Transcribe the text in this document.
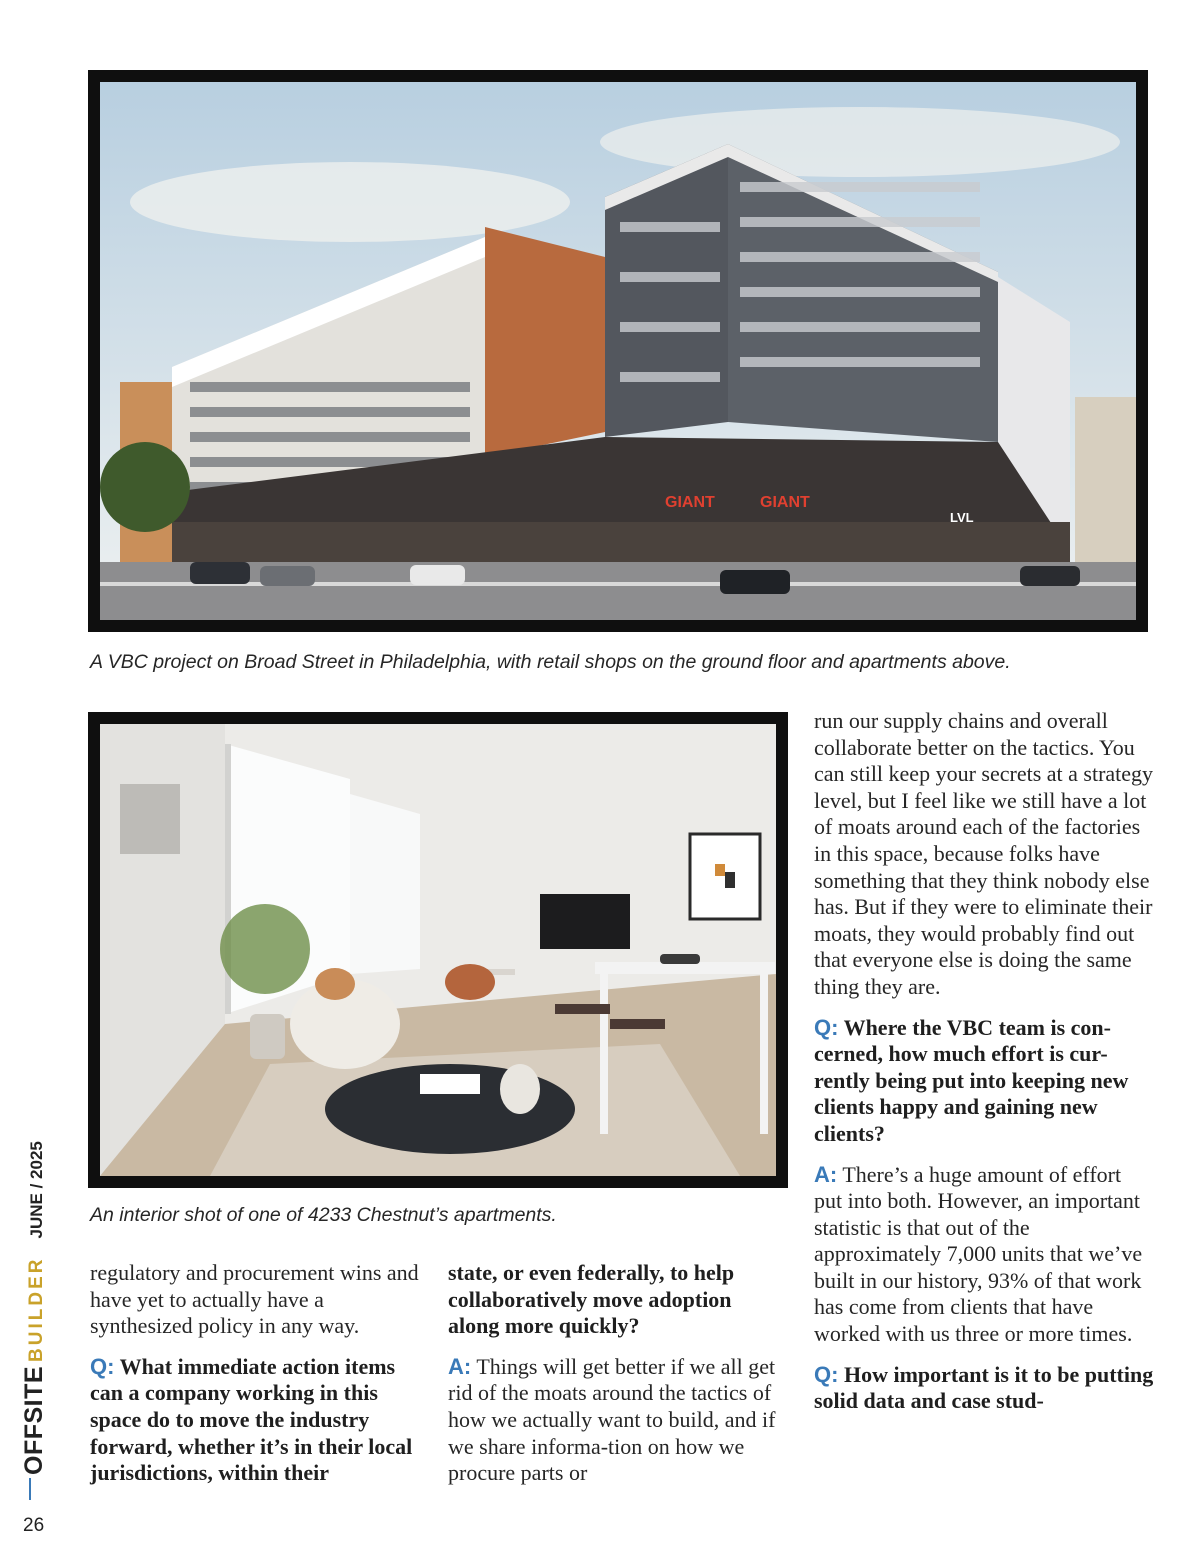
GIANT	GIANT
LVL

A VBC project on Broad Street in Philadelphia, with retail shops on the ground floor and apartments above.

An interior shot of one of 4233 Chestnut’s apartments.

regulatory and procurement wins and have yet to actually have a synthesized policy in any way.

Q: What immediate action items can a company working in this space do to move the industry forward, whether it’s in their local jurisdictions, within their

state, or even federally, to help collaboratively move adoption along more quickly?

A: Things will get better if we all get rid of the moats around the tactics of how we actually want to build, and if we share informa-tion on how we procure parts or

run our supply chains and overall collaborate better on the tactics. You can still keep your secrets at a strategy level, but I feel like we still have a lot of moats around each of the factories in this space, because folks have something that they think nobody else has. But if they were to eliminate their moats, they would probably find out that everyone else is doing the same thing they are.

Q: Where the VBC team is con-cerned, how much effort is cur-rently being put into keeping new clients happy and gaining new clients?

A: There’s a huge amount of effort put into both. However, an important statistic is that out of the approximately 7,000 units that we’ve built in our history, 93% of that work has come from clients that have worked with us three or more times.

Q: How important is it to be putting solid data and case stud-

OFFSITEBUILDERJUNE / 2025
26
